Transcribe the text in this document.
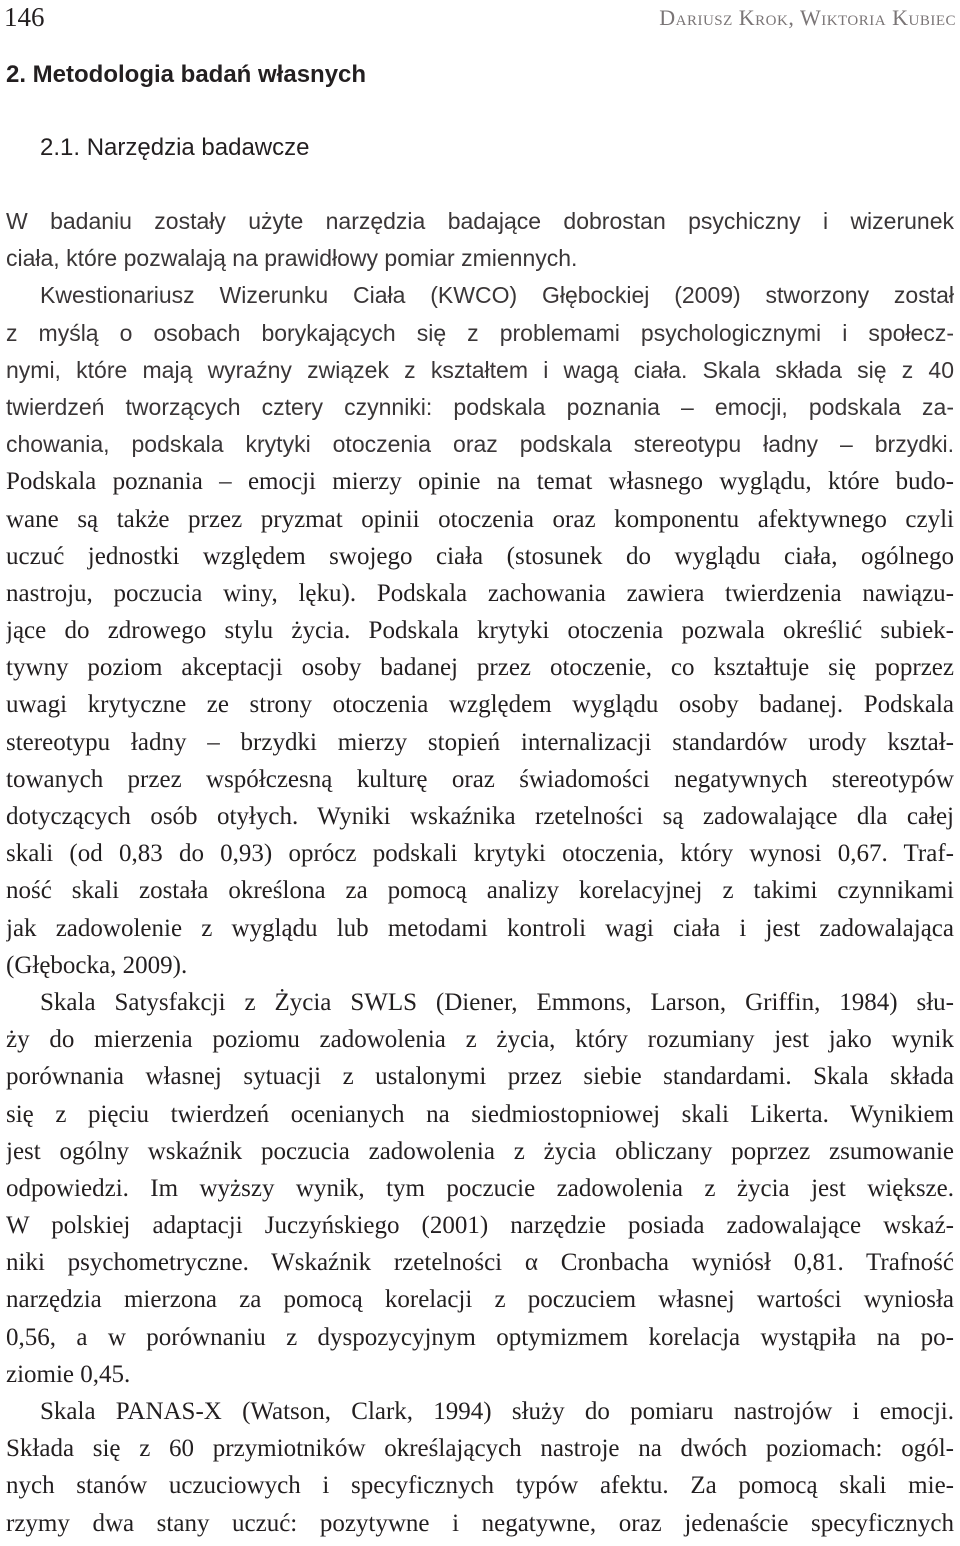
146	Dariusz Krok, Wiktoria Kubiec
2. Metodologia badań własnych
2.1. Narzędzia badawcze
W badaniu zostały użyte narzędzia badające dobrostan psychiczny i wizerunek
ciała, które pozwalają na prawidłowy pomiar zmiennych.
Kwestionariusz Wizerunku Ciała (KWCO) Głębockiej (2009) stworzony został
z myślą o osobach borykających się z problemami psychologicznymi i społecz-
nymi, które mają wyraźny związek z kształtem i wagą ciała. Skala składa się z 40
twierdzeń tworzących cztery czynniki: podskala poznania – emocji, podskala za-
chowania, podskala krytyki otoczenia oraz podskala stereotypu ładny – brzydki.
Podskala poznania – emocji mierzy opinie na temat własnego wyglądu, które budo-
wane są także przez pryzmat opinii otoczenia oraz komponentu afektywnego czyli
uczuć jednostki względem swojego ciała (stosunek do wyglądu ciała, ogólnego
nastroju, poczucia winy, lęku). Podskala zachowania zawiera twierdzenia nawiązu-
jące do zdrowego stylu życia. Podskala krytyki otoczenia pozwala określić subiek-
tywny poziom akceptacji osoby badanej przez otoczenie, co kształtuje się poprzez
uwagi krytyczne ze strony otoczenia względem wyglądu osoby badanej. Podskala
stereotypu ładny – brzydki mierzy stopień internalizacji standardów urody kształ-
towanych przez współczesną kulturę oraz świadomości negatywnych stereotypów
dotyczących osób otyłych. Wyniki wskaźnika rzetelności są zadowalające dla całej
skali (od 0,83 do 0,93) oprócz podskali krytyki otoczenia, który wynosi 0,67. Traf-
ność skali została określona za pomocą analizy korelacyjnej z takimi czynnikami
jak zadowolenie z wyglądu lub metodami kontroli wagi ciała i jest zadowalająca
(Głębocka, 2009).
Skala Satysfakcji z Życia SWLS (Diener, Emmons, Larson, Griffin, 1984) słu-
ży do mierzenia poziomu zadowolenia z życia, który rozumiany jest jako wynik
porównania własnej sytuacji z ustalonymi przez siebie standardami. Skala składa
się z pięciu twierdzeń ocenianych na siedmiostopniowej skali Likerta. Wynikiem
jest ogólny wskaźnik poczucia zadowolenia z życia obliczany poprzez zsumowanie
odpowiedzi. Im wyższy wynik, tym poczucie zadowolenia z życia jest większe.
W polskiej adaptacji Juczyńskiego (2001) narzędzie posiada zadowalające wskaź-
niki psychometryczne. Wskaźnik rzetelności α Cronbacha wyniósł 0,81. Trafność
narzędzia mierzona za pomocą korelacji z poczuciem własnej wartości wyniosła
0,56, a w porównaniu z dyspozycyjnym optymizmem korelacja wystąpiła na po-
ziomie 0,45.
Skala PANAS-X (Watson, Clark, 1994) służy do pomiaru nastrojów i emocji.
Składa się z 60 przymiotników określających nastroje na dwóch poziomach: ogól-
nych stanów uczuciowych i specyficznych typów afektu. Za pomocą skali mie-
rzymy dwa stany uczuć: pozytywne i negatywne, oraz jedenaście specyficznych
